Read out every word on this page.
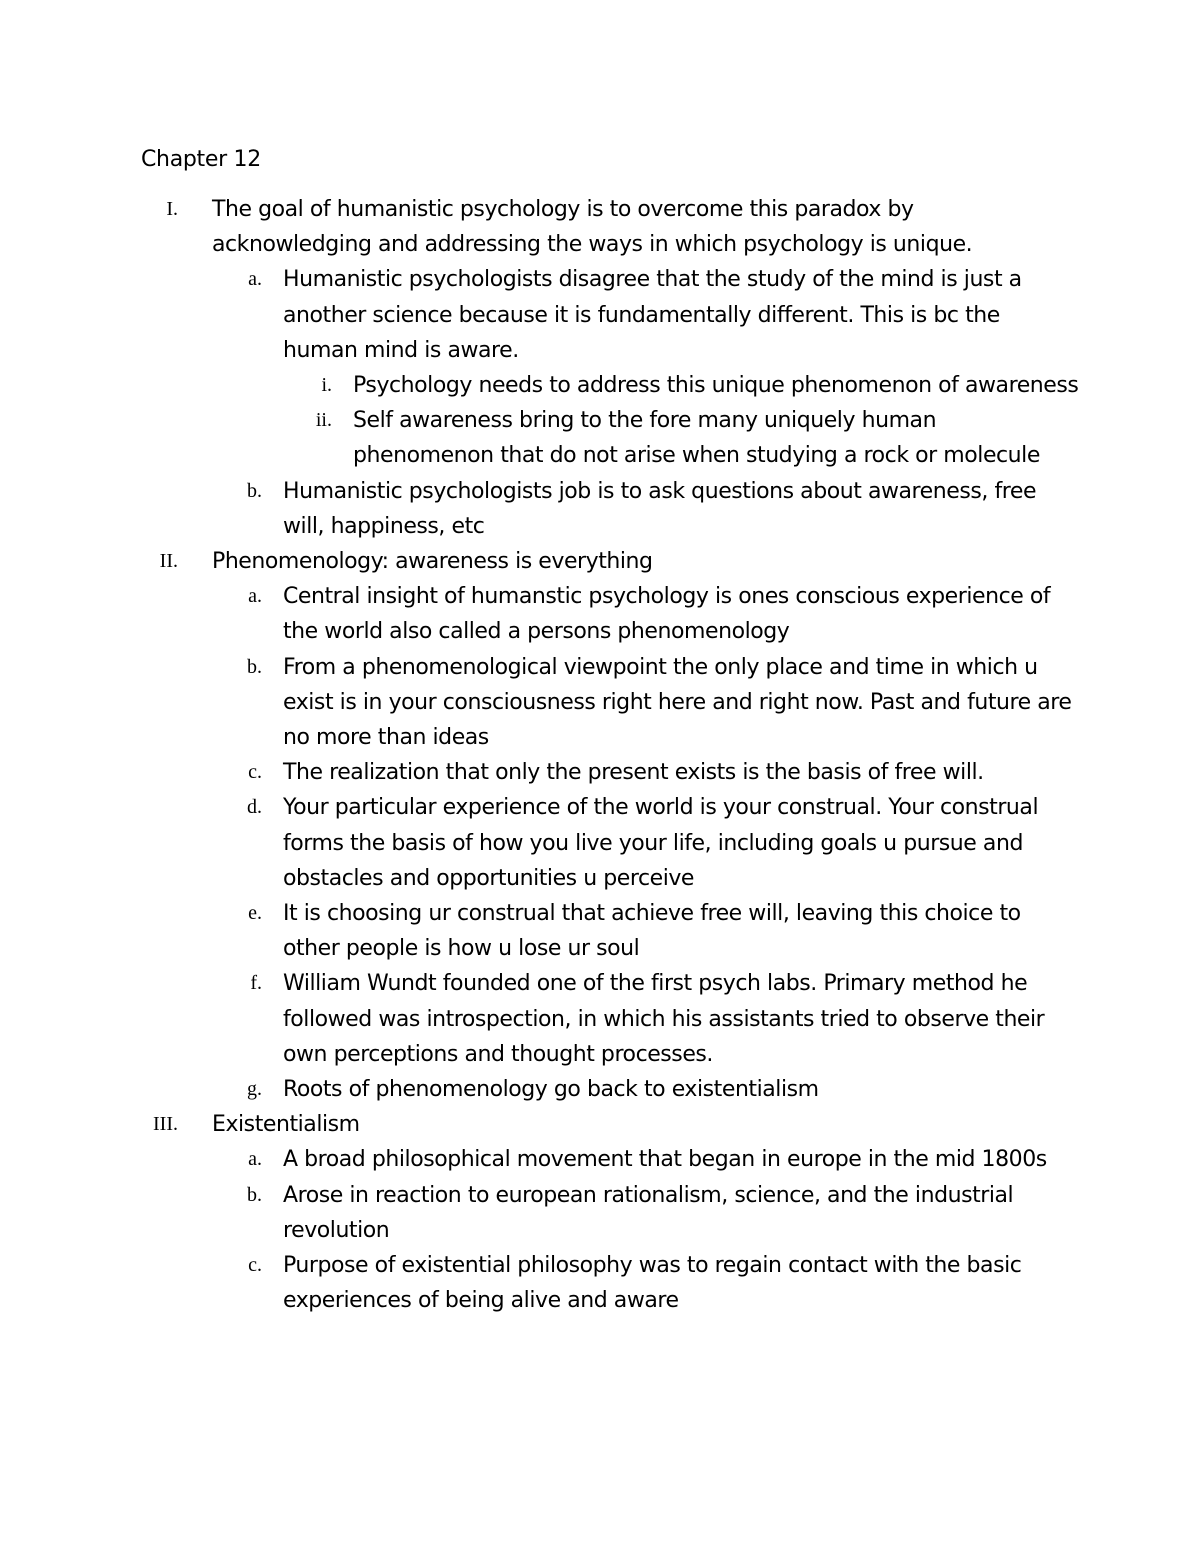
Chapter 12
I. The goal of humanistic psychology is to overcome this paradox by acknowledging and addressing the ways in which psychology is unique.
a. Humanistic psychologists disagree that the study of the mind is just a another science because it is fundamentally different. This is bc the human mind is aware.
i. Psychology needs to address this unique phenomenon of awareness
ii. Self awareness bring to the fore many uniquely human phenomenon that do not arise when studying a rock or molecule
b. Humanistic psychologists job is to ask questions about awareness, free will, happiness, etc
II. Phenomenology: awareness is everything
a. Central insight of humanstic psychology is ones conscious experience of the world also called a persons phenomenology
b. From a phenomenological viewpoint the only place and time in which u exist is in your consciousness right here and right now. Past and future are no more than ideas
c. The realization that only the present exists is the basis of free will.
d. Your particular experience of the world is your construal. Your construal forms the basis of how you live your life, including goals u pursue and obstacles and opportunities u perceive
e. It is choosing ur construal that achieve free will, leaving this choice to other people is how u lose ur soul
f. William Wundt founded one of the first psych labs. Primary method he followed was introspection, in which his assistants tried to observe their own perceptions and thought processes.
g. Roots of phenomenology go back to existentialism
III. Existentialism
a. A broad philosophical movement that began in europe in the mid 1800s
b. Arose in reaction to european rationalism, science, and the industrial revolution
c. Purpose of existential philosophy was to regain contact with the basic experiences of being alive and aware
